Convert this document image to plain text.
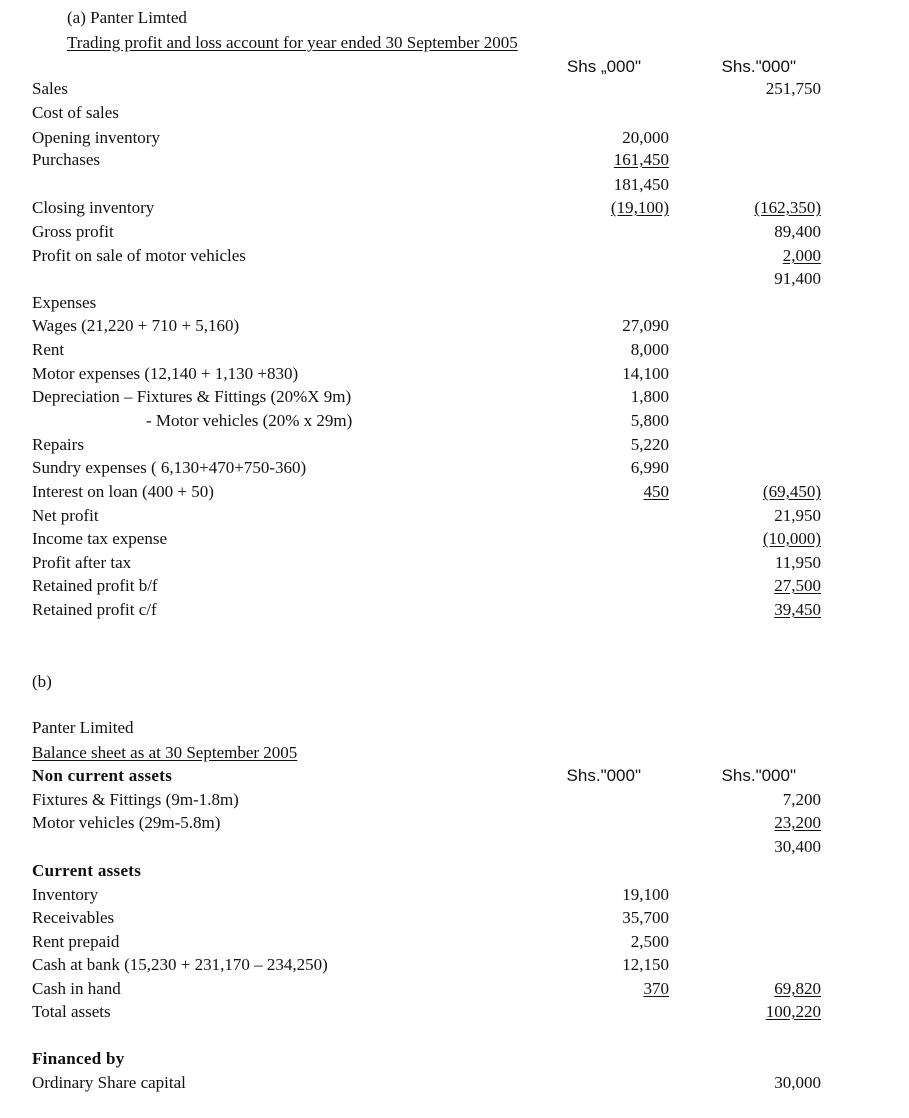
(a) Panter Limted
Trading profit and loss account for year ended 30 September 2005
Shs „000"	Shs."000"
Sales	251,750
Cost of sales
Opening inventory	20,000
Purchases	161,450
181,450
Closing inventory	(19,100)	(162,350)
Gross profit	89,400
Profit on sale of motor vehicles	2,000
91,400
Expenses
Wages (21,220 + 710 + 5,160)	27,090
Rent	8,000
Motor expenses (12,140 + 1,130 +830)	14,100
Depreciation – Fixtures & Fittings (20%X 9m)	1,800
- Motor vehicles (20% x 29m)	5,800
Repairs	5,220
Sundry expenses ( 6,130+470+750-360)	6,990
Interest on loan (400 + 50)	450	(69,450)
Net profit	21,950
Income tax expense	(10,000)
Profit after tax	11,950
Retained profit b/f	27,500
Retained profit c/f	39,450
(b)
Panter Limited
Balance sheet as at 30 September 2005
Shs."000"	Shs."000"
Non current assets
Fixtures & Fittings (9m-1.8m)	7,200
Motor vehicles (29m-5.8m)	23,200
30,400
Current assets
Inventory	19,100
Receivables	35,700
Rent prepaid	2,500
Cash at bank (15,230 + 231,170 – 234,250)	12,150
Cash in hand	370	69,820
Total assets	100,220
Financed by
Ordinary Share capital	30,000
